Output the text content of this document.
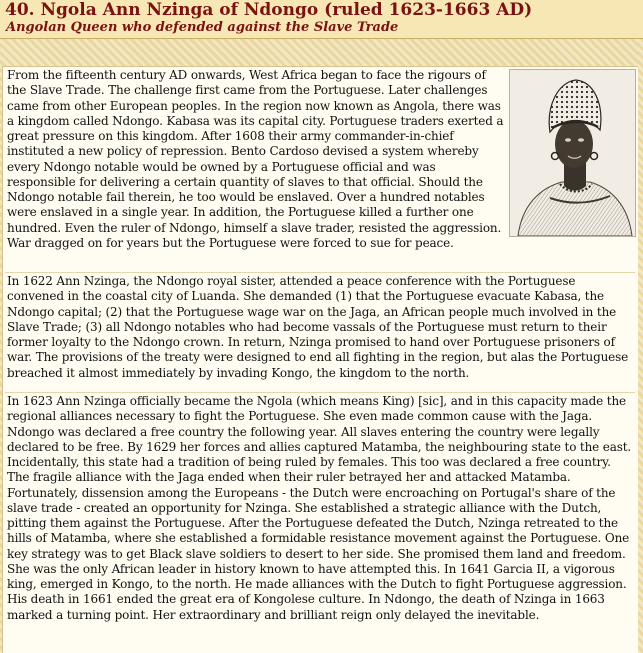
40. Ngola Ann Nzinga of Ndongo (ruled 1623-1663 AD)
Angolan Queen who defended against the Slave Trade

From the fifteenth century AD onwards, West Africa began to face the rigours of the Slave Trade. The challenge first came from the Portuguese. Later challenges came from other European peoples. In the region now known as Angola, there was a kingdom called Ndongo. Kabasa was its capital city. Portuguese traders exerted a great pressure on this kingdom. After 1608 their army commander-in-chief instituted a new policy of repression. Bento Cardoso devised a system whereby every Ndongo notable would be owned by a Portuguese official and was responsible for delivering a certain quantity of slaves to that official. Should the Ndongo notable fail therein, he too would be enslaved. Over a hundred notables were enslaved in a single year. In addition, the Portuguese killed a further one hundred. Even the ruler of Ndongo, himself a slave trader, resisted the aggression. War dragged on for years but the Portuguese were forced to sue for peace.

In 1622 Ann Nzinga, the Ndongo royal sister, attended a peace conference with the Portuguese convened in the coastal city of Luanda. She demanded (1) that the Portuguese evacuate Kabasa, the Ndongo capital; (2) that the Portuguese wage war on the Jaga, an African people much involved in the Slave Trade; (3) all Ndongo notables who had become vassals of the Portuguese must return to their former loyalty to the Ndongo crown. In return, Nzinga promised to hand over Portuguese prisoners of war. The provisions of the treaty were designed to end all fighting in the region, but alas the Portuguese breached it almost immediately by invading Kongo, the kingdom to the north.

In 1623 Ann Nzinga officially became the Ngola (which means King) [sic], and in this capacity made the regional alliances necessary to fight the Portuguese. She even made common cause with the Jaga. Ndongo was declared a free country the following year. All slaves entering the country were legally declared to be free. By 1629 her forces and allies captured Matamba, the neighbouring state to the east. Incidentally, this state had a tradition of being ruled by females. This too was declared a free country. The fragile alliance with the Jaga ended when their ruler betrayed her and attacked Matamba. Fortunately, dissension among the Europeans - the Dutch were encroaching on Portugal's share of the slave trade - created an opportunity for Nzinga. She established a strategic alliance with the Dutch, pitting them against the Portuguese. After the Portuguese defeated the Dutch, Nzinga retreated to the hills of Matamba, where she established a formidable resistance movement against the Portuguese. One key strategy was to get Black slave soldiers to desert to her side. She promised them land and freedom. She was the only African leader in history known to have attempted this. In 1641 Garcia II, a vigorous king, emerged in Kongo, to the north. He made alliances with the Dutch to fight Portuguese aggression. His death in 1661 ended the great era of Kongolese culture. In Ndongo, the death of Nzinga in 1663 marked a turning point. Her extraordinary and brilliant reign only delayed the inevitable.
